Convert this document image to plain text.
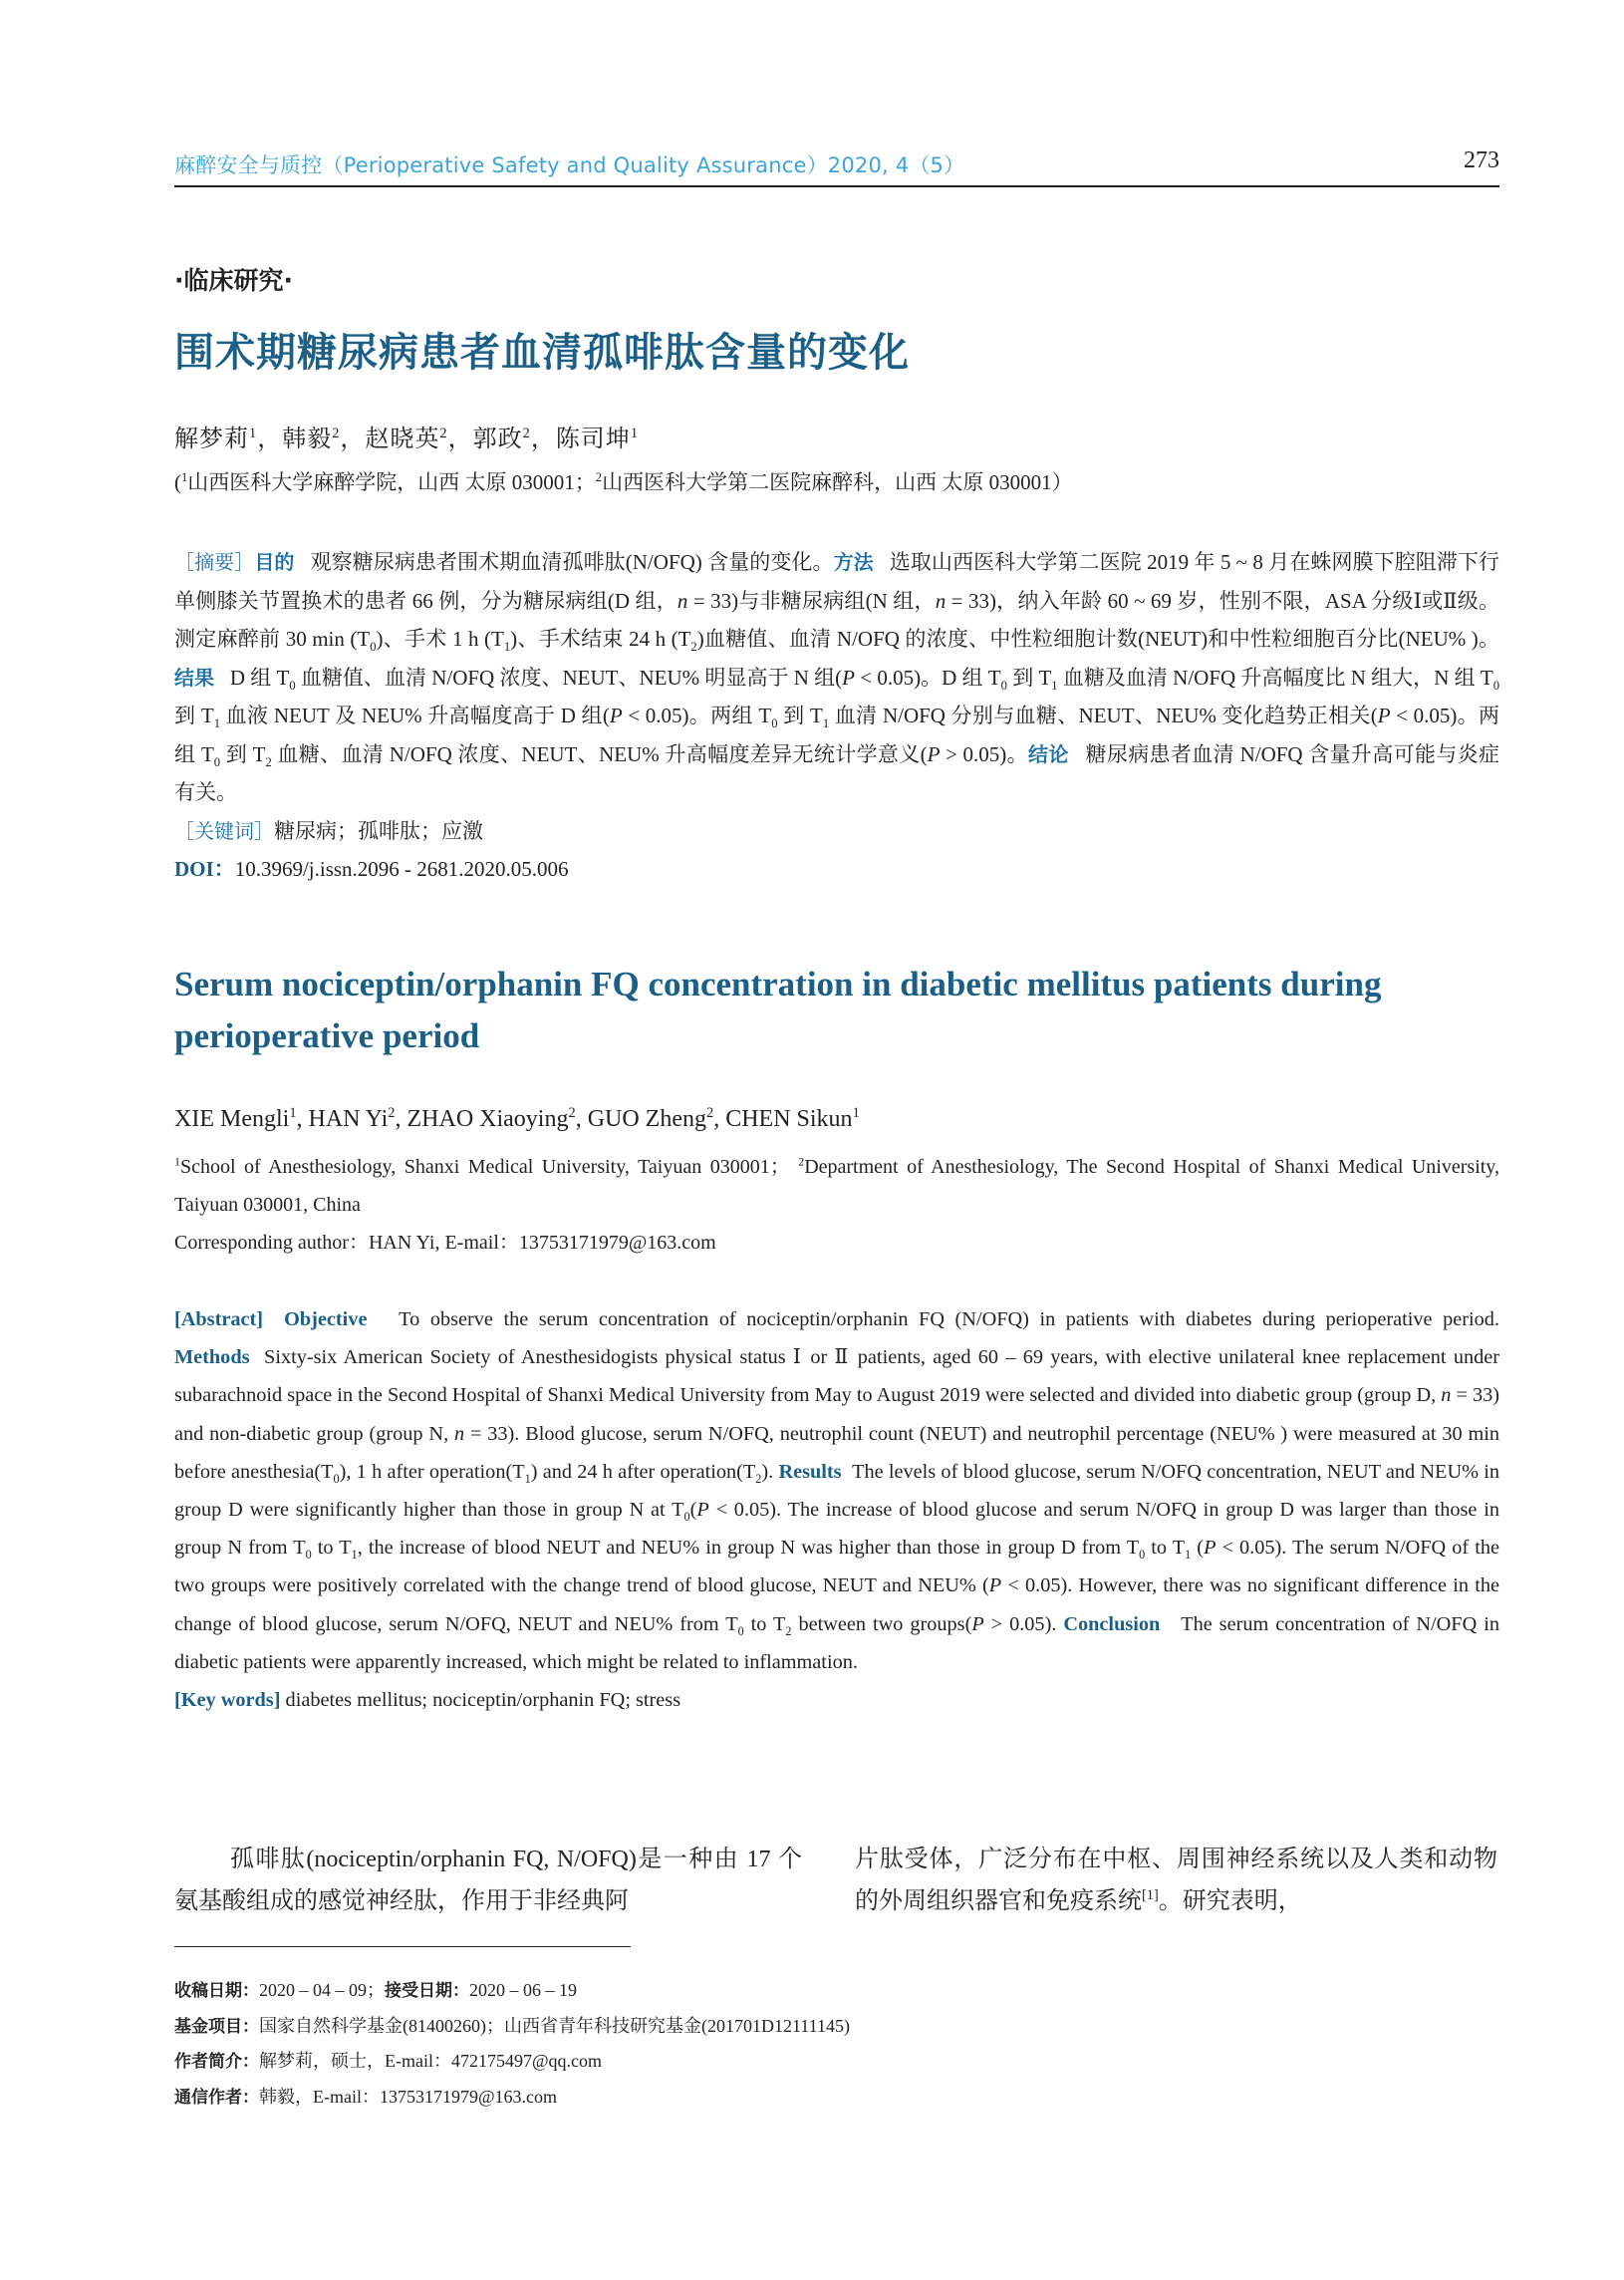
麻醉安全与质控（Perioperative Safety and Quality Assurance）2020, 4（5）	273
·临床研究·
围术期糖尿病患者血清孤啡肽含量的变化
解梦莉$^1$，韩毅$^2$，赵晓英$^2$，郭政$^2$，陈司坤$^1$
($^1$山西医科大学麻醉学院，山西 太原 030001；$^2$山西医科大学第二医院麻醉科，山西 太原 030001）
［摘要］目的 观察糖尿病患者围术期血清孤啡肽(N/OFQ) 含量的变化。方法 选取山西医科大学第二医院 2019 年 5 ~ 8 月在蛛网膜下腔阻滞下行单侧膝关节置换术的患者 66 例，分为糖尿病组(D 组，n = 33)与非糖尿病组(N 组，n = 33)，纳入年龄 60 ~ 69 岁，性别不限，ASA 分级Ⅰ或Ⅱ级。测定麻醉前 30 $\min (T_0)$、手术 1 h $(T_1)$、手术结束 24 h $(T_2)$血糖值、血清 N/OFQ 的浓度、中性粒细胞计数(NEUT)和中性粒细胞百分比(NEU% )。结果 D 组 $T_0$ 血糖值、血清 N/OFQ 浓度、NEUT、NEU% 明显高于 N 组(P < 0.05)。D 组 $T_0$ 到 $T_1$ 血糖及血清 N/OFQ 升高幅度比 N 组大，N 组 $T_0$ 到 $T_1$ 血液 NEUT 及 NEU% 升高幅度高于 D 组(P < 0.05)。两组 $T_0$ 到 $T_1$ 血清 N/OFQ 分别与血糖、NEUT、NEU% 变化趋势正相关(P < 0.05)。两组 $T_0$ 到 $T_2$ 血糖、血清 N/OFQ 浓度、NEUT、NEU% 升高幅度差异无统计学意义(P > 0.05)。结论 糖尿病患者血清 N/OFQ 含量升高可能与炎症有关。
［关键词］糖尿病；孤啡肽；应激
DOI：10.3969/j.issn.2096 - 2681.2020.05.006
Serum nociceptin/orphanin FQ concentration in diabetic mellitus patients during perioperative period
XIE Mengli$^1$, HAN Yi$^2$, ZHAO Xiaoying$^2$, GUO Zheng$^2$, CHEN Sikun$^1$
$^1$School of Anesthesiology, Shanxi Medical University, Taiyuan 030001； $^2$Department of Anesthesiology, The Second Hospital of Shanxi Medical University, Taiyuan 030001, China
Corresponding author：HAN Yi, E-mail：13753171979@163.com
[Abstract] Objective To observe the serum concentration of nociceptin/orphanin FQ (N/OFQ) in patients with diabetes during perioperative period. Methods Sixty-six American Society of Anesthesidogists physical status Ⅰ or Ⅱ patients, aged 60 – 69 years, with elective unilateral knee replacement under subarachnoid space in the Second Hospital of Shanxi Medical University from May to August 2019 were selected and divided into diabetic group (group D, n = 33) and non-diabetic group (group N, n = 33). Blood glucose, serum N/OFQ, neutrophil count (NEUT) and neutrophil percentage (NEU% ) were measured at 30 min before $anesthesia(T_0)$, 1 h after $operation(T_1)$ and 24 h after $operation(T_2)$. Results The levels of blood glucose, serum N/OFQ concentration, NEUT and NEU% in group D were significantly higher than those in group N at $T_0(P < 0.05)$. The increase of blood glucose and serum N/OFQ in group D was larger than those in group N from $T_0$ to $T_1$, the increase of blood NEUT and NEU% in group N was higher than those in group D from $T_0$ to $T_1$ (P < 0.05). The serum N/OFQ of the two groups were positively correlated with the change trend of blood glucose, NEUT and NEU% (P < 0.05). However, there was no significant difference in the change of blood glucose, serum N/OFQ, NEUT and NEU% from $T_0$ to $T_2$ between two groups(P > 0.05). Conclusion The serum concentration of N/OFQ in diabetic patients were apparently increased, which might be related to inflammation.
[Key words] diabetes mellitus; nociceptin/orphanin FQ; stress
孤啡肽(nociceptin/orphanin FQ, N/OFQ)是一种由 17 个氨基酸组成的感觉神经肽，作用于非经典阿
片肽受体，广泛分布在中枢、周围神经系统以及人类和动物的外周组织器官和免疫系统[1]。研究表明，
收稿日期：2020 – 04 – 09；接受日期：2020 – 06 – 19
基金项目：国家自然科学基金(81400260)；山西省青年科技研究基金(201701D12111145)
作者简介：解梦莉，硕士，E-mail：472175497@qq.com
通信作者：韩毅，E-mail：13753171979@163.com
